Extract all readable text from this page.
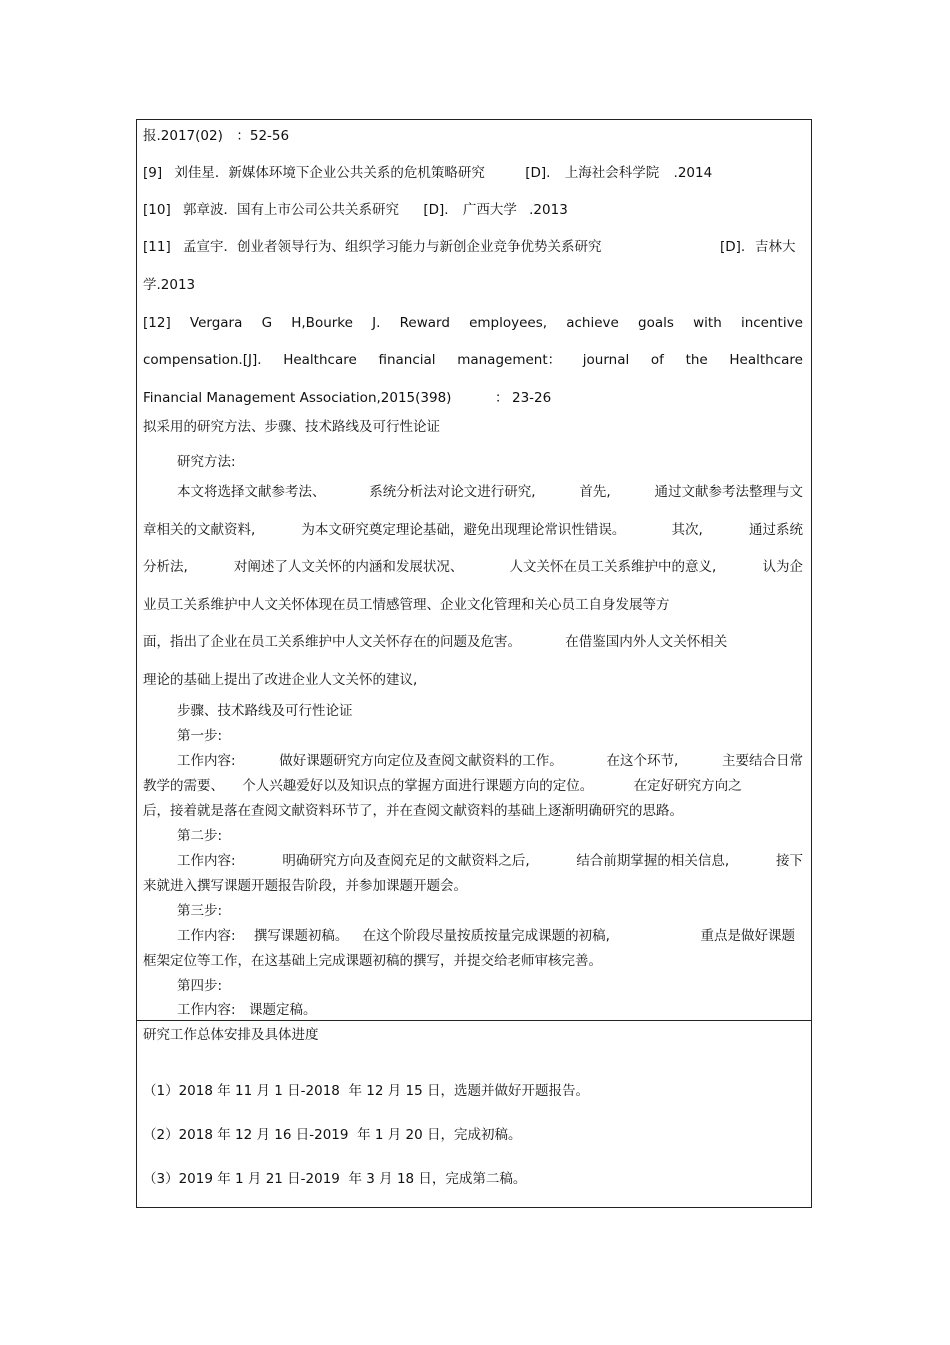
报.2017(02)　：52-56
[9] 刘佳星．新媒体环境下企业公共关系的危机策略研究	[D]. 上海社会科学院 .2014
[10] 郭章波．国有上市公司公共关系研究 [D]. 广西大学 .2013
[11] 孟宣宇．创业者领导行为、组织学习能力与新创企业竞争优势关系研究	[D]. 吉林大
学.2013
[12] Vergara G H,Bourke J. Reward employees, achieve goals with incentive
compensation.[J]. Healthcare financial management： journal of the Healthcare
Financial Management Association,2015(398)	： 23-26
拟采用的研究方法、步骤、技术路线及可行性论证
研究方法:
本文将选择文献参考法、	系统分析法对论文进行研究,	首先,	通过文献参考法整理与文
章相关的文献资料,	为本文研究奠定理论基础，避免出现理论常识性错误。	其次,	通过系统
分析法,	对阐述了人文关怀的内涵和发展状况、	人文关怀在员工关系维护中的意义,	认为企
业员工关系维护中人文关怀体现在员工情感管理、企业文化管理和关心员工自身发展等方
面，指出了企业在员工关系维护中人文关怀存在的问题及危害。	在借鉴国内外人文关怀相关
理论的基础上提出了改进企业人文关怀的建议,
步骤、技术路线及可行性论证
第一步:
工作内容:	做好课题研究方向定位及查阅文献资料的工作。	在这个环节,	主要结合日常
教学的需要、 个人兴趣爱好以及知识点的掌握方面进行课题方向的定位。	在定好研究方向之
后，接着就是落在查阅文献资料环节了，并在查阅文献资料的基础上逐渐明确研究的思路。
第二步:
工作内容:	明确研究方向及查阅充足的文献资料之后,	结合前期掌握的相关信息,	接下
来就进入撰写课题开题报告阶段，并参加课题开题会。
第三步:
工作内容: 撰写课题初稿。 在这个阶段尽量按质按量完成课题的初稿,	重点是做好课题
框架定位等工作，在这基础上完成课题初稿的撰写，并提交给老师审核完善。
第四步:
工作内容:　课题定稿。
研究工作总体安排及具体进度
（1）2018 年 11 月 1 日-2018  年 12 月 15 日，选题并做好开题报告。
（2）2018 年 12 月 16 日-2019  年 1 月 20 日，完成初稿。
（3）2019 年 1 月 21 日-2019  年 3 月 18 日，完成第二稿。
